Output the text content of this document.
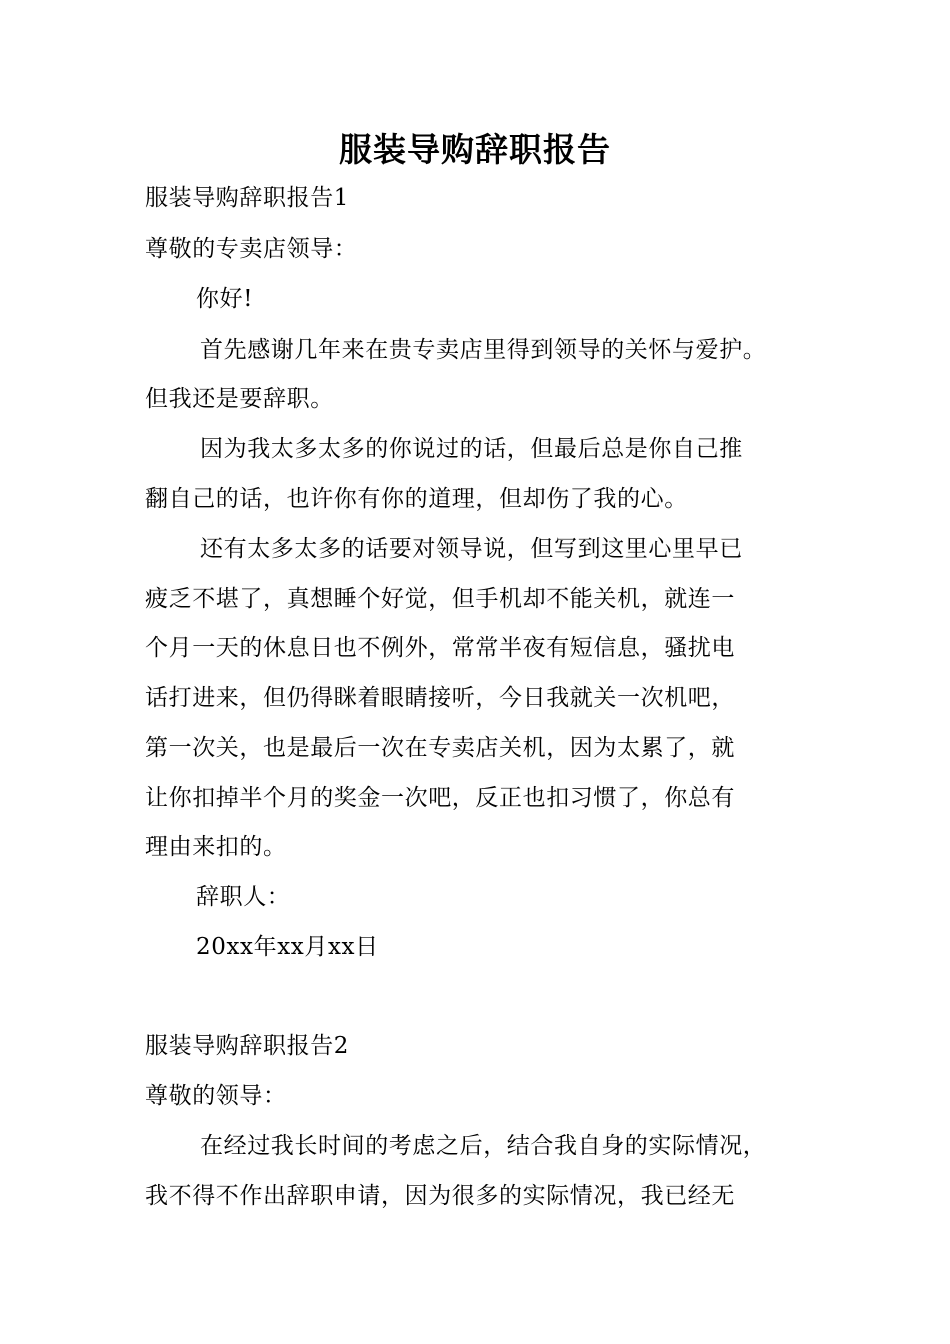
服装导购辞职报告
服装导购辞职报告1
尊敬的专卖店领导：
你好!
首先感谢几年来在贵专卖店里得到领导的关怀与爱护。
但我还是要辞职。
因为我太多太多的你说过的话，但最后总是你自己推
翻自己的话，也许你有你的道理，但却伤了我的心。
还有太多太多的话要对领导说，但写到这里心里早已
疲乏不堪了，真想睡个好觉，但手机却不能关机，就连一
个月一天的休息日也不例外，常常半夜有短信息，骚扰电
话打进来，但仍得眯着眼睛接听，今日我就关一次机吧，
第一次关，也是最后一次在专卖店关机，因为太累了，就
让你扣掉半个月的奖金一次吧，反正也扣习惯了，你总有
理由来扣的。
辞职人：
20xx年xx月xx日
服装导购辞职报告2
尊敬的领导：
在经过我长时间的考虑之后，结合我自身的实际情况，
我不得不作出辞职申请，因为很多的实际情况，我已经无
